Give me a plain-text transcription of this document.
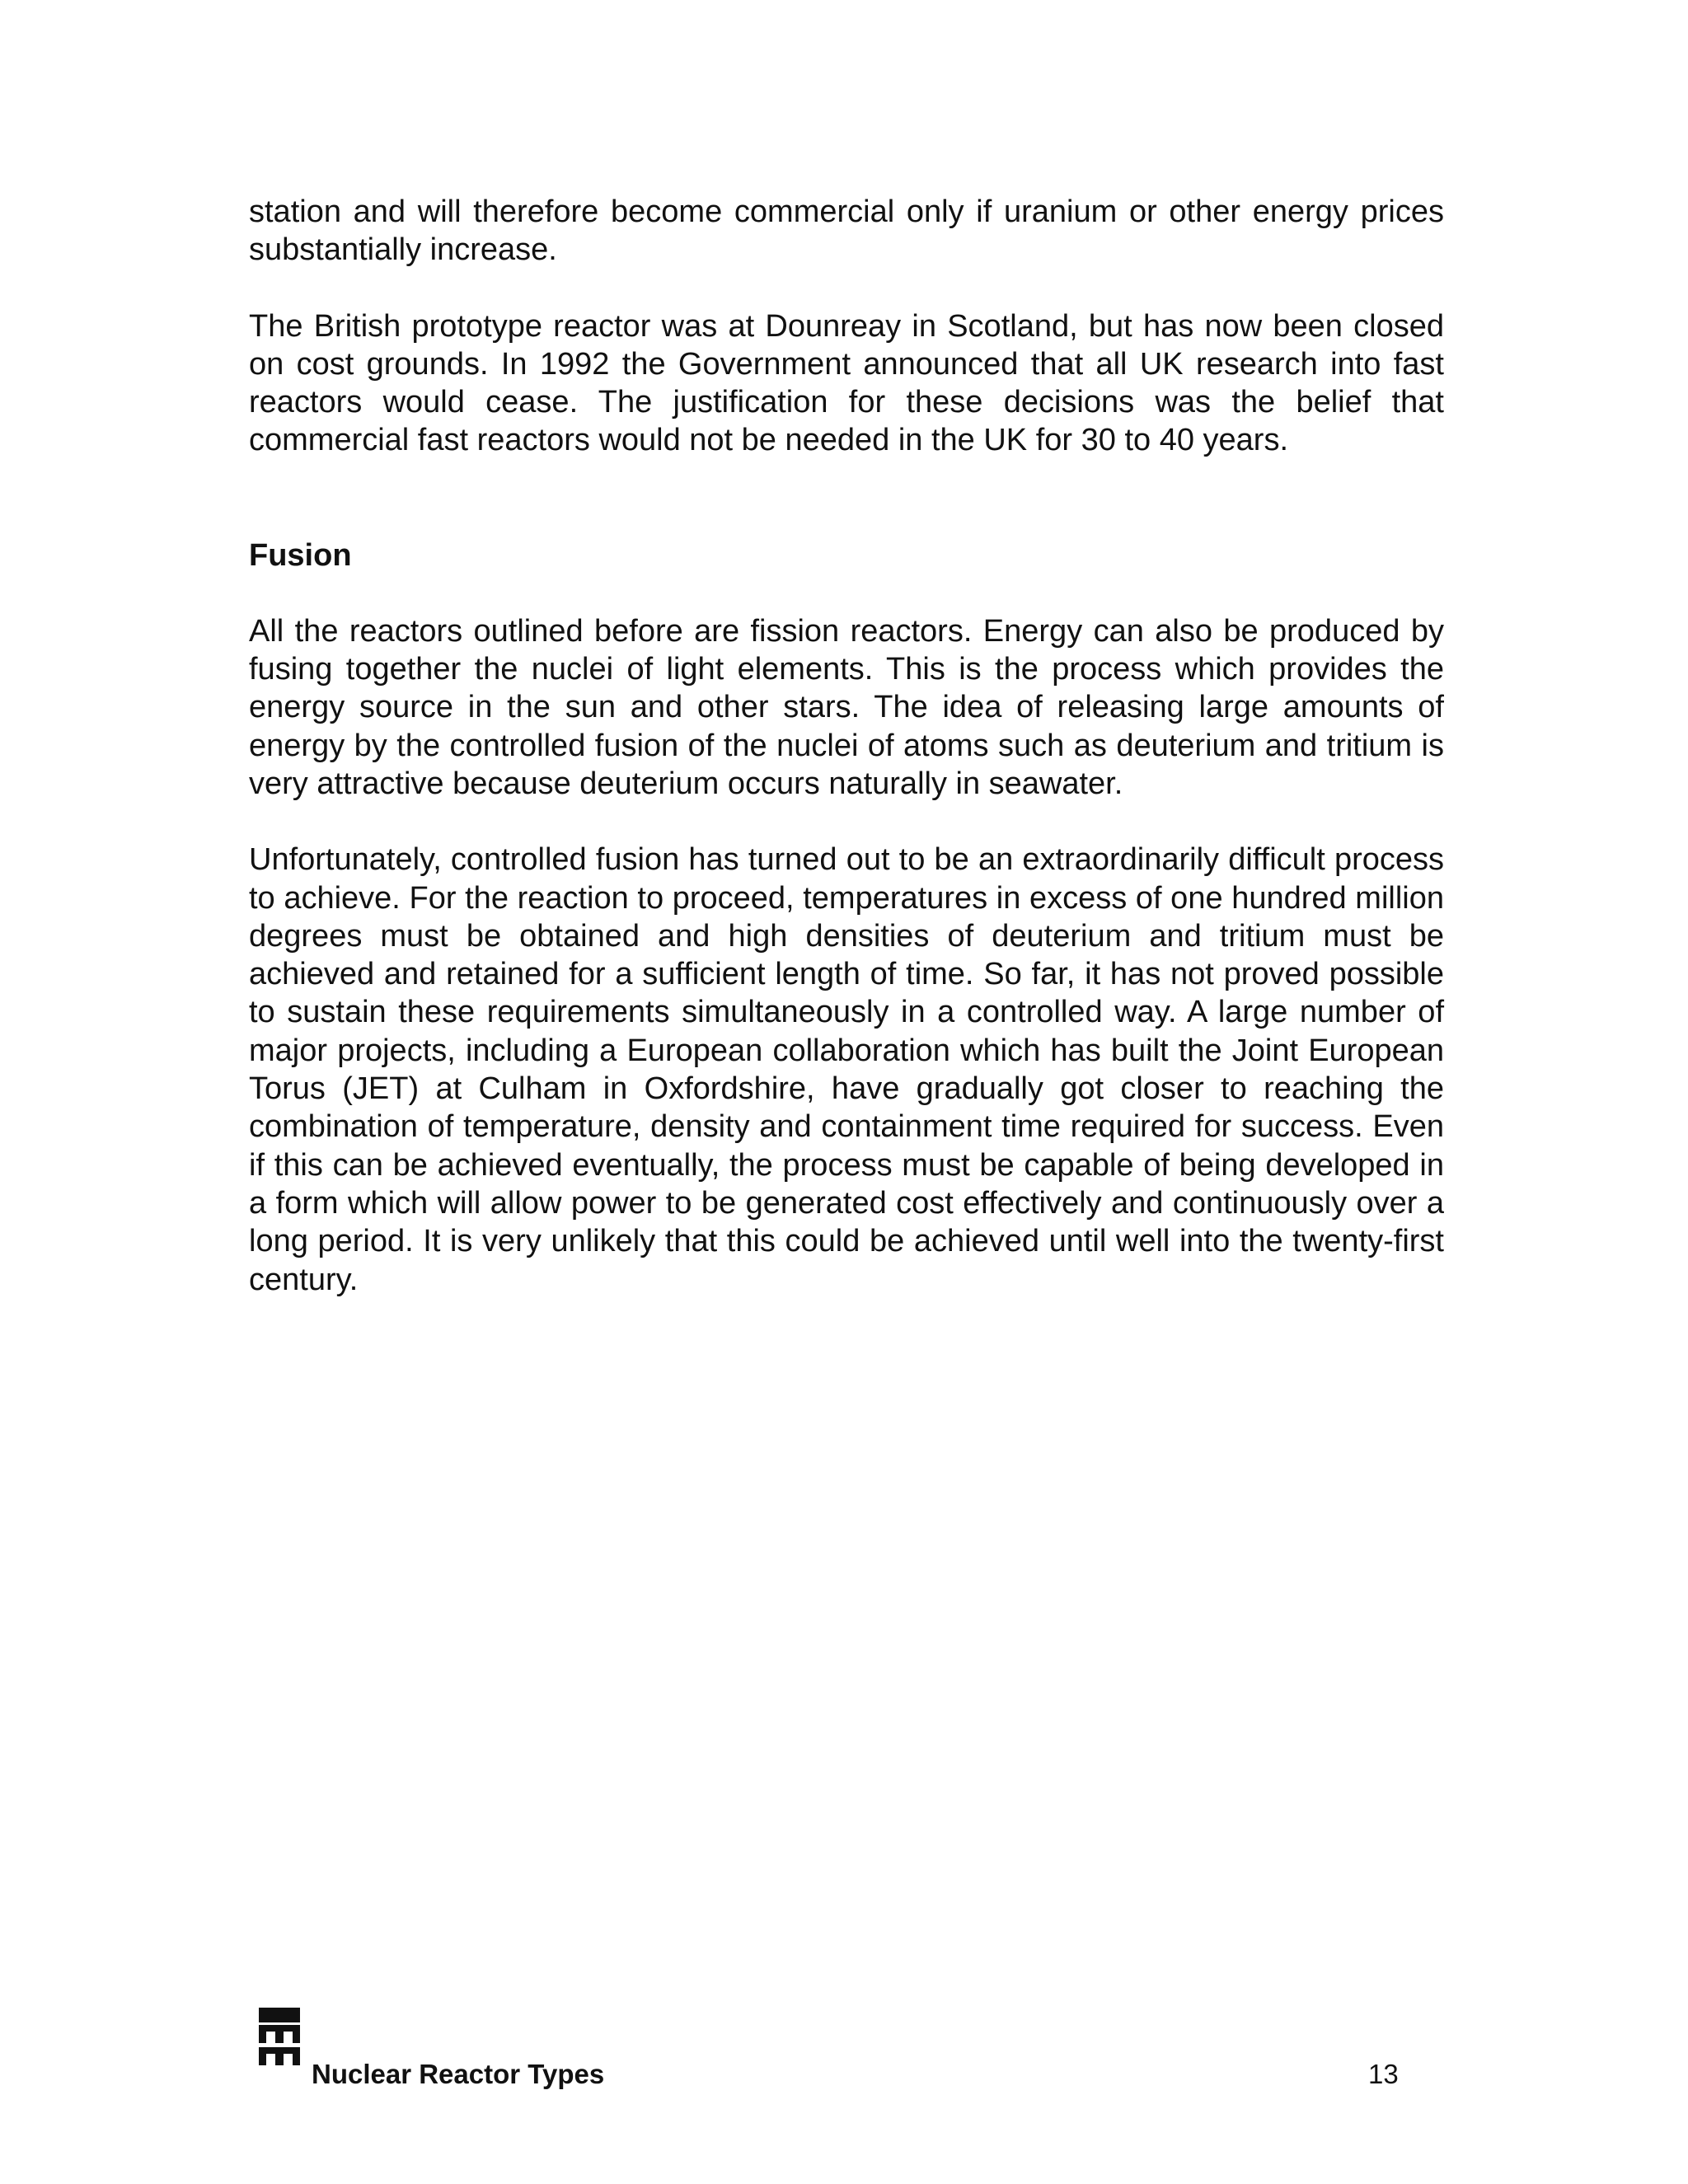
station and will therefore become commercial only if uranium or other energy prices substantially increase.

The British prototype reactor was at Dounreay in Scotland, but has now been closed on cost grounds. In 1992 the Government announced that all UK research into fast reactors would cease. The justification for these decisions was the belief that commercial fast reactors would not be needed in the UK for 30 to 40 years.

Fusion

All the reactors outlined before are fission reactors. Energy can also be produced by fusing together the nuclei of light elements. This is the process which provides the energy source in the sun and other stars. The idea of releasing large amounts of energy by the controlled fusion of the nuclei of atoms such as deuterium and tritium is very attractive because deuterium occurs naturally in seawater.

Unfortunately, controlled fusion has turned out to be an extraordinarily difficult process to achieve. For the reaction to proceed, temperatures in excess of one hundred million degrees must be obtained and high densities of deuterium and tritium must be achieved and retained for a sufficient length of time. So far, it has not proved possible to sustain these requirements simultaneously in a controlled way. A large number of major projects, including a European collaboration which has built the Joint European Torus (JET) at Culham in Oxfordshire, have gradually got closer to reaching the combination of temperature, density and containment time required for success. Even if this can be achieved eventually, the process must be capable of being developed in a form which will allow power to be generated cost effectively and continuously over a long period. It is very unlikely that this could be achieved until well into the twenty-first century.

Nuclear Reactor Types	13
